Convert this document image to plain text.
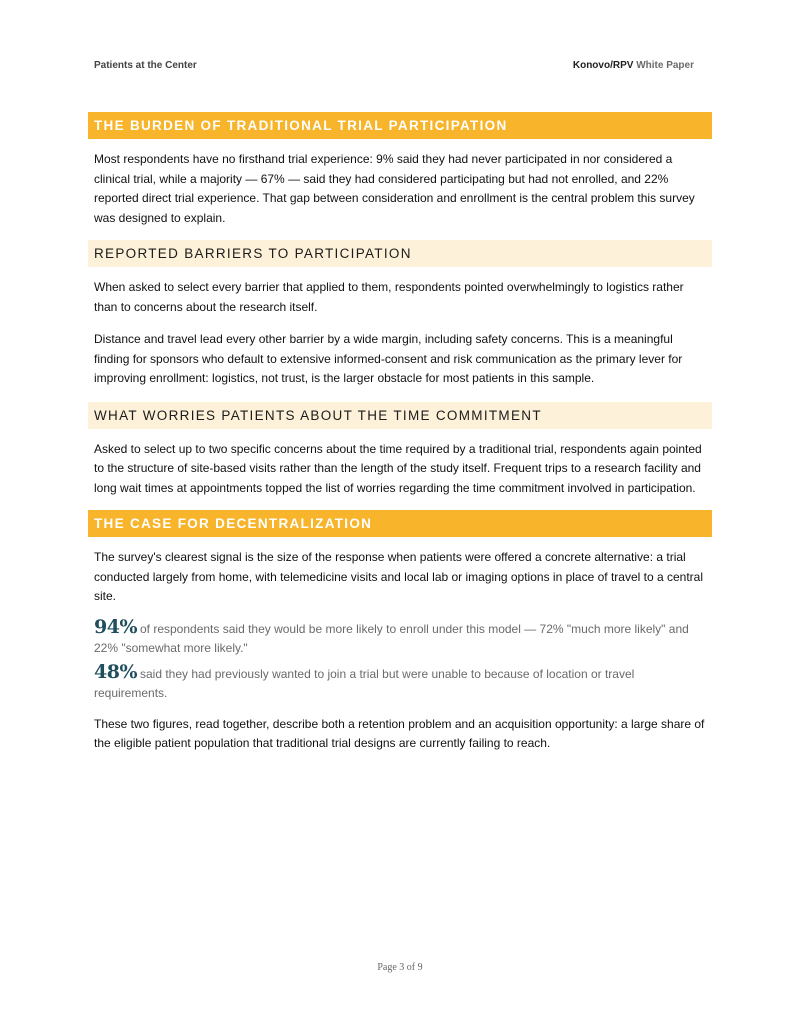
Patients at the Center	Konovo/RPV White Paper
THE BURDEN OF TRADITIONAL TRIAL PARTICIPATION

Most respondents have no firsthand trial experience: 9% said they had never participated in nor considered a clinical trial, while a majority — 67% — said they had considered participating but had not enrolled, and 22% reported direct trial experience. That gap between consideration and enrollment is the central problem this survey was designed to explain.

REPORTED BARRIERS TO PARTICIPATION

When asked to select every barrier that applied to them, respondents pointed overwhelmingly to logistics rather than to concerns about the research itself.

Distance and travel lead every other barrier by a wide margin, including safety concerns. This is a meaningful finding for sponsors who default to extensive informed-consent and risk communication as the primary lever for improving enrollment: logistics, not trust, is the larger obstacle for most patients in this sample.

WHAT WORRIES PATIENTS ABOUT THE TIME COMMITMENT

Asked to select up to two specific concerns about the time required by a traditional trial, respondents again pointed to the structure of site-based visits rather than the length of the study itself. Frequent trips to a research facility and long wait times at appointments topped the list of worries regarding the time commitment involved in participation.

THE CASE FOR DECENTRALIZATION

The survey's clearest signal is the size of the response when patients were offered a concrete alternative: a trial conducted largely from home, with telemedicine visits and local lab or imaging options in place of travel to a central site.

94% of respondents said they would be more likely to enroll under this model — 72% "much more likely" and 22% "somewhat more likely."
48% said they had previously wanted to join a trial but were unable to because of location or travel requirements.

These two figures, read together, describe both a retention problem and an acquisition opportunity: a large share of the eligible patient population that traditional trial designs are currently failing to reach.

Page 3 of 9
